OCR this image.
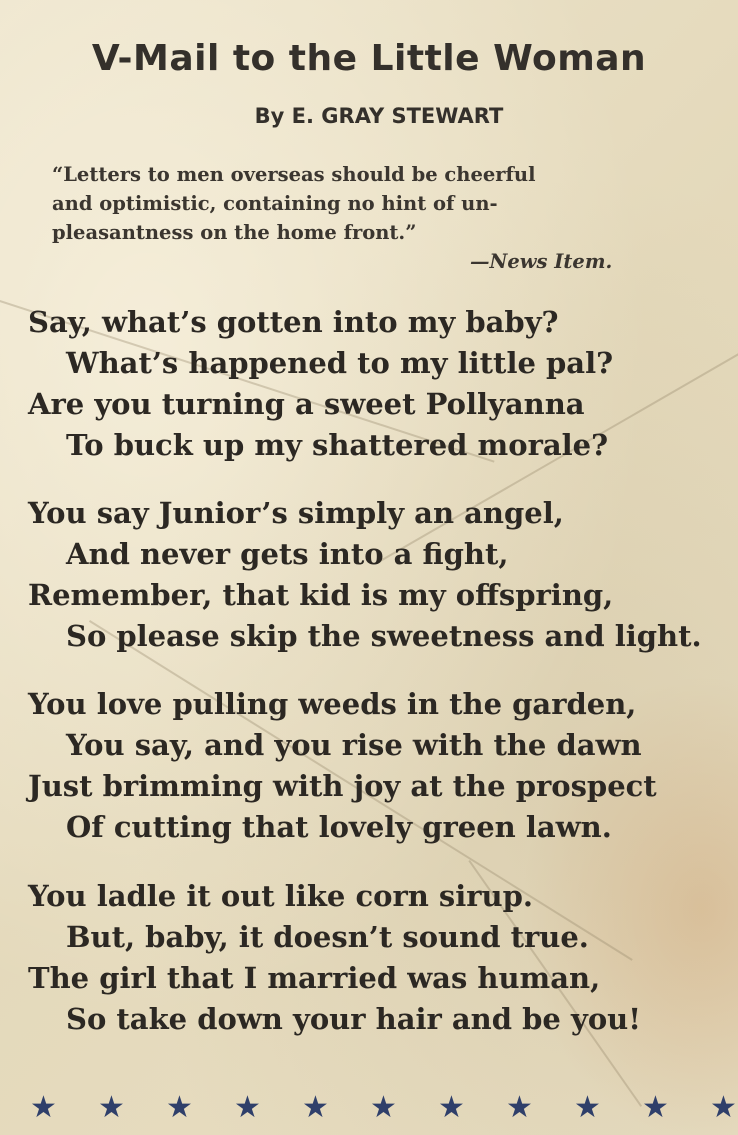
V-Mail to the Little Woman
By E. GRAY STEWART
“Letters to men overseas should be cheerful
and optimistic, containing no hint of un-
pleasantness on the home front.”
—News Item.
Say, what’s gotten into my baby?
What’s happened to my little pal?
Are you turning a sweet Pollyanna
To buck up my shattered morale?
You say Junior’s simply an angel,
And never gets into a fight,
Remember, that kid is my offspring,
So please skip the sweetness and light.
You love pulling weeds in the garden,
You say, and you rise with the dawn
Just brimming with joy at the prospect
Of cutting that lovely green lawn.
You ladle it out like corn sirup.
But, baby, it doesn’t sound true.
The girl that I married was human,
So take down your hair and be you!
★ ★ ★ ★ ★ ★ ★ ★ ★ ★ ★
